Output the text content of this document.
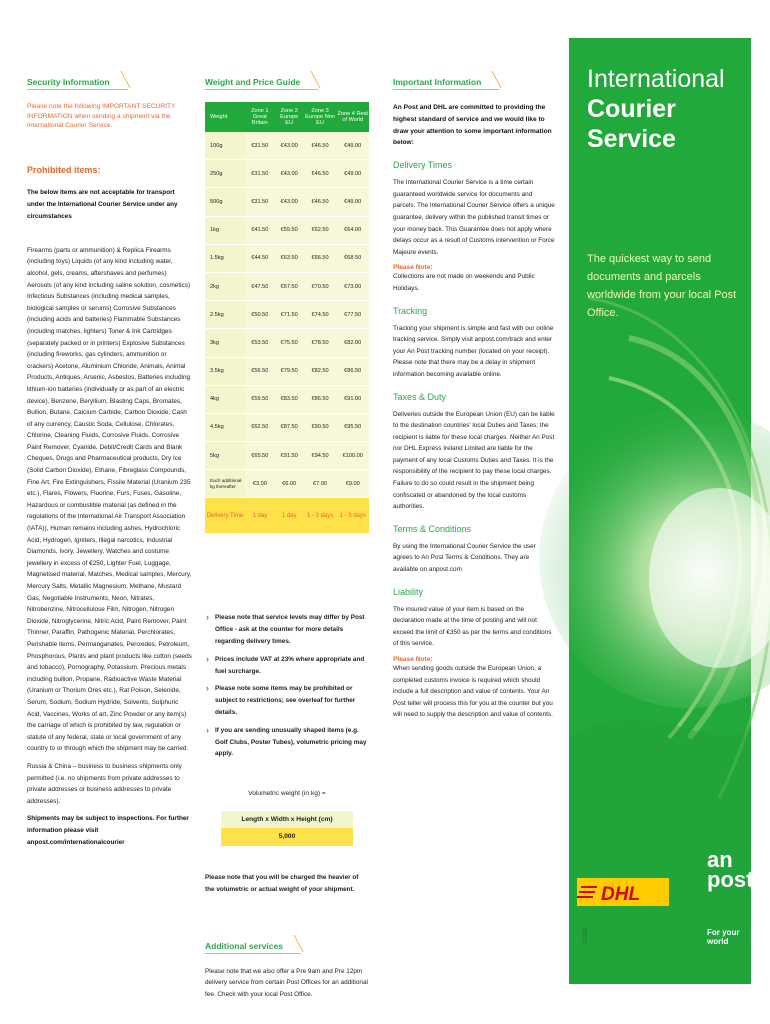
Security Information
Please note the following IMPORTANT SECURITY INFORMATION when sending a shipment via the International Courier Service.
Prohibited items:
The below items are not acceptable for transport under the International Courier Service under any circumstances

Firearms (parts or ammunition) & Replica Firearms (including toys) Liquids (of any kind including water, alcohol, gels, creams, aftershaves and perfumes) Aerosols (of any kind including saline solution, cosmetics) Infectious Substances (including medical samples, biological samples or serums) Corrosive Substances (including acids and batteries) Flammable Substances (including matches, lighters) Toner & Ink Cartridges (separately packed or in printers) Explosive Substances (including fireworks, gas cylinders, ammunition or crackers) Acetone, Aluminium Chloride, Animals, Animal Products, Antiques, Arsenic, Asbestos, Batteries including lithium-ion batteries (individually or as part of an electric device), Benzene, Beryllium, Blasting Caps, Bromates, Bullion, Butane, Calcium Carbide, Carbon Dioxide, Cash of any currency, Caustic Soda, Cellulose, Chlorates, Chlorine, Cleaning Fluids, Corrosive Fluids, Corrosive Paint Remover, Cyanide, Debit/Credit Cards and Blank Cheques, Drugs and Pharmaceutical products, Dry Ice (Solid Carbon Dioxide), Ethane, Fibreglass Compounds, Fine Art, Fire Extinguishers, Fissile Material (Uranium 235 etc.), Flares, Flowers, Fluorine, Furs, Fuses, Gasoline, Hazardous or combustible material (as defined in the regulations of the International Air Transport Association (IATA)), Human remains including ashes, Hydrochloric Acid, Hydrogen, Igniters, Illegal narcotics, Industrial Diamonds, Ivory, Jewellery, Watches and costume jewellery in excess of €250, Lighter Fuel, Luggage, Magnetised material, Matches, Medical samples, Mercury, Mercury Salts, Metallic Magnesium, Methane, Mustard Gas, Negotiable Instruments, Neon, Nitrates, Nitrobenzine, Nitrocellulose Film, Nitrogen, Nitrogen Dioxide, Nitroglycerine, Nitric Acid, Paint Remover, Paint Thinner, Paraffin, Pathogenic Material, Perchlorates, Perishable items, Permanganates, Peroxides, Petroleum, Phosphorous, Plants and plant products like cotton (seeds and tobacco), Pornography, Potassium, Precious metals including bullion, Propane, Radioactive Waste Material (Uranium or Thorium Ores etc.), Rat Poison, Selenide, Serum, Sodium, Sodium Hydride, Solvents, Sulphuric Acid, Vaccines, Works of art, Zinc Powder or any item(s) the carriage of which is prohibited by law, regulation or statute of any federal, state or local government of any country to or through which the shipment may be carried.

Russia & China – business to business shipments only permitted (i.e. no shipments from private addresses to private addresses or business addresses to private addresses).

Shipments may be subject to inspections. For further information please visit anpost.com/internationalcourier
Weight and Price Guide
Weight	Zone 1 Great Britain	Zone 2 Europe EU	Zone 3 Europe Non EU	Zone 4 Rest of World
100g	€31.50	€43.00	€46.50	€49.00
250g	€31.50	€43.00	€46.50	€49.00
500g	€31.50	€43.00	€46.50	€49.00
1kg	€41.50	€59.50	€62.50	€64.00
1.5kg	€44.50	€63.50	€66.50	€68.50
2kg	€47.50	€67.50	€70.50	€73.00
2.5kg	€50.50	€71.50	€74.50	€77.50
3kg	€53.50	€75.50	€78.50	€82.00
3.5kg	€56.50	€79.50	€82.50	€86.50
4kg	€59.50	€83.50	€86.50	€91.00
4.5kg	€62.50	€87.50	€90.50	€95.50
5kg	€65.50	€91.50	€94.50	€100.00
Each additional kg thereafter	€3.00	€6.00	€7.00	€9.00
Delivery Time	1 day	1 day	1 - 3 days	1 - 3 days
› Please note that service levels may differ by Post Office - ask at the counter for more details regarding delivery times.
› Prices include VAT at 23% where appropriate and fuel surcharge.
› Please note some items may be prohibited or subject to restrictions; see overleaf for further details.
› If you are sending unusually shaped items (e.g. Golf Clubs, Poster Tubes), volumetric pricing may apply.
Volumetric weight (in kg) =
Length x Width x Height (cm)
5,000
Please note that you will be charged the heavier of the volumetric or actual weight of your shipment.
Additional services
Please note that we also offer a Pre 9am and Pre 12pm delivery service from certain Post Offices for an additional fee. Check with your local Post Office.
Important Information
An Post and DHL are committed to providing the highest standard of service and we would like to draw your attention to some important information below:
Delivery Times
The International Courier Service is a time certain guaranteed worldwide service for documents and parcels. The International Courier Service offers a unique guarantee, delivery within the published transit times or your money back. This Guarantee does not apply where delays occur as a result of Customs intervention or Force Majeure events.
Please Note:
Collections are not made on weekends and Public Holidays.
Tracking
Tracking your shipment is simple and fast with our online tracking service. Simply visit anpost.com/track and enter your An Post tracking number (located on your receipt). Please note that there may be a delay in shipment information becoming available online.
Taxes & Duty
Deliveries outside the European Union (EU) can be liable to the destination countries' local Duties and Taxes; the recipient is liable for these local charges. Neither An Post nor DHL Express Ireland Limited are liable for the payment of any local Customs Duties and Taxes. It is the responsibility of the recipient to pay these local charges. Failure to do so could result in the shipment being confiscated or abandoned by the local customs authorities.
Terms & Conditions
By using the International Courier Service the user agrees to An Post Terms & Conditions. They are available on anpost.com
Liability
The insured value of your item is based on the declaration made at the time of posting and will not exceed the limit of €350 as per the terms and conditions of this service.
Please Note:
When sending goods outside the European Union, a completed customs invoice is required which should include a full description and value of contents. Your An Post teller will process this for you at the counter but you will need to supply the description and value of contents.
International
Courier Service
The quickest way to send documents and parcels worldwide from your local Post Office.
DHL
an
post
For your world
01/20
